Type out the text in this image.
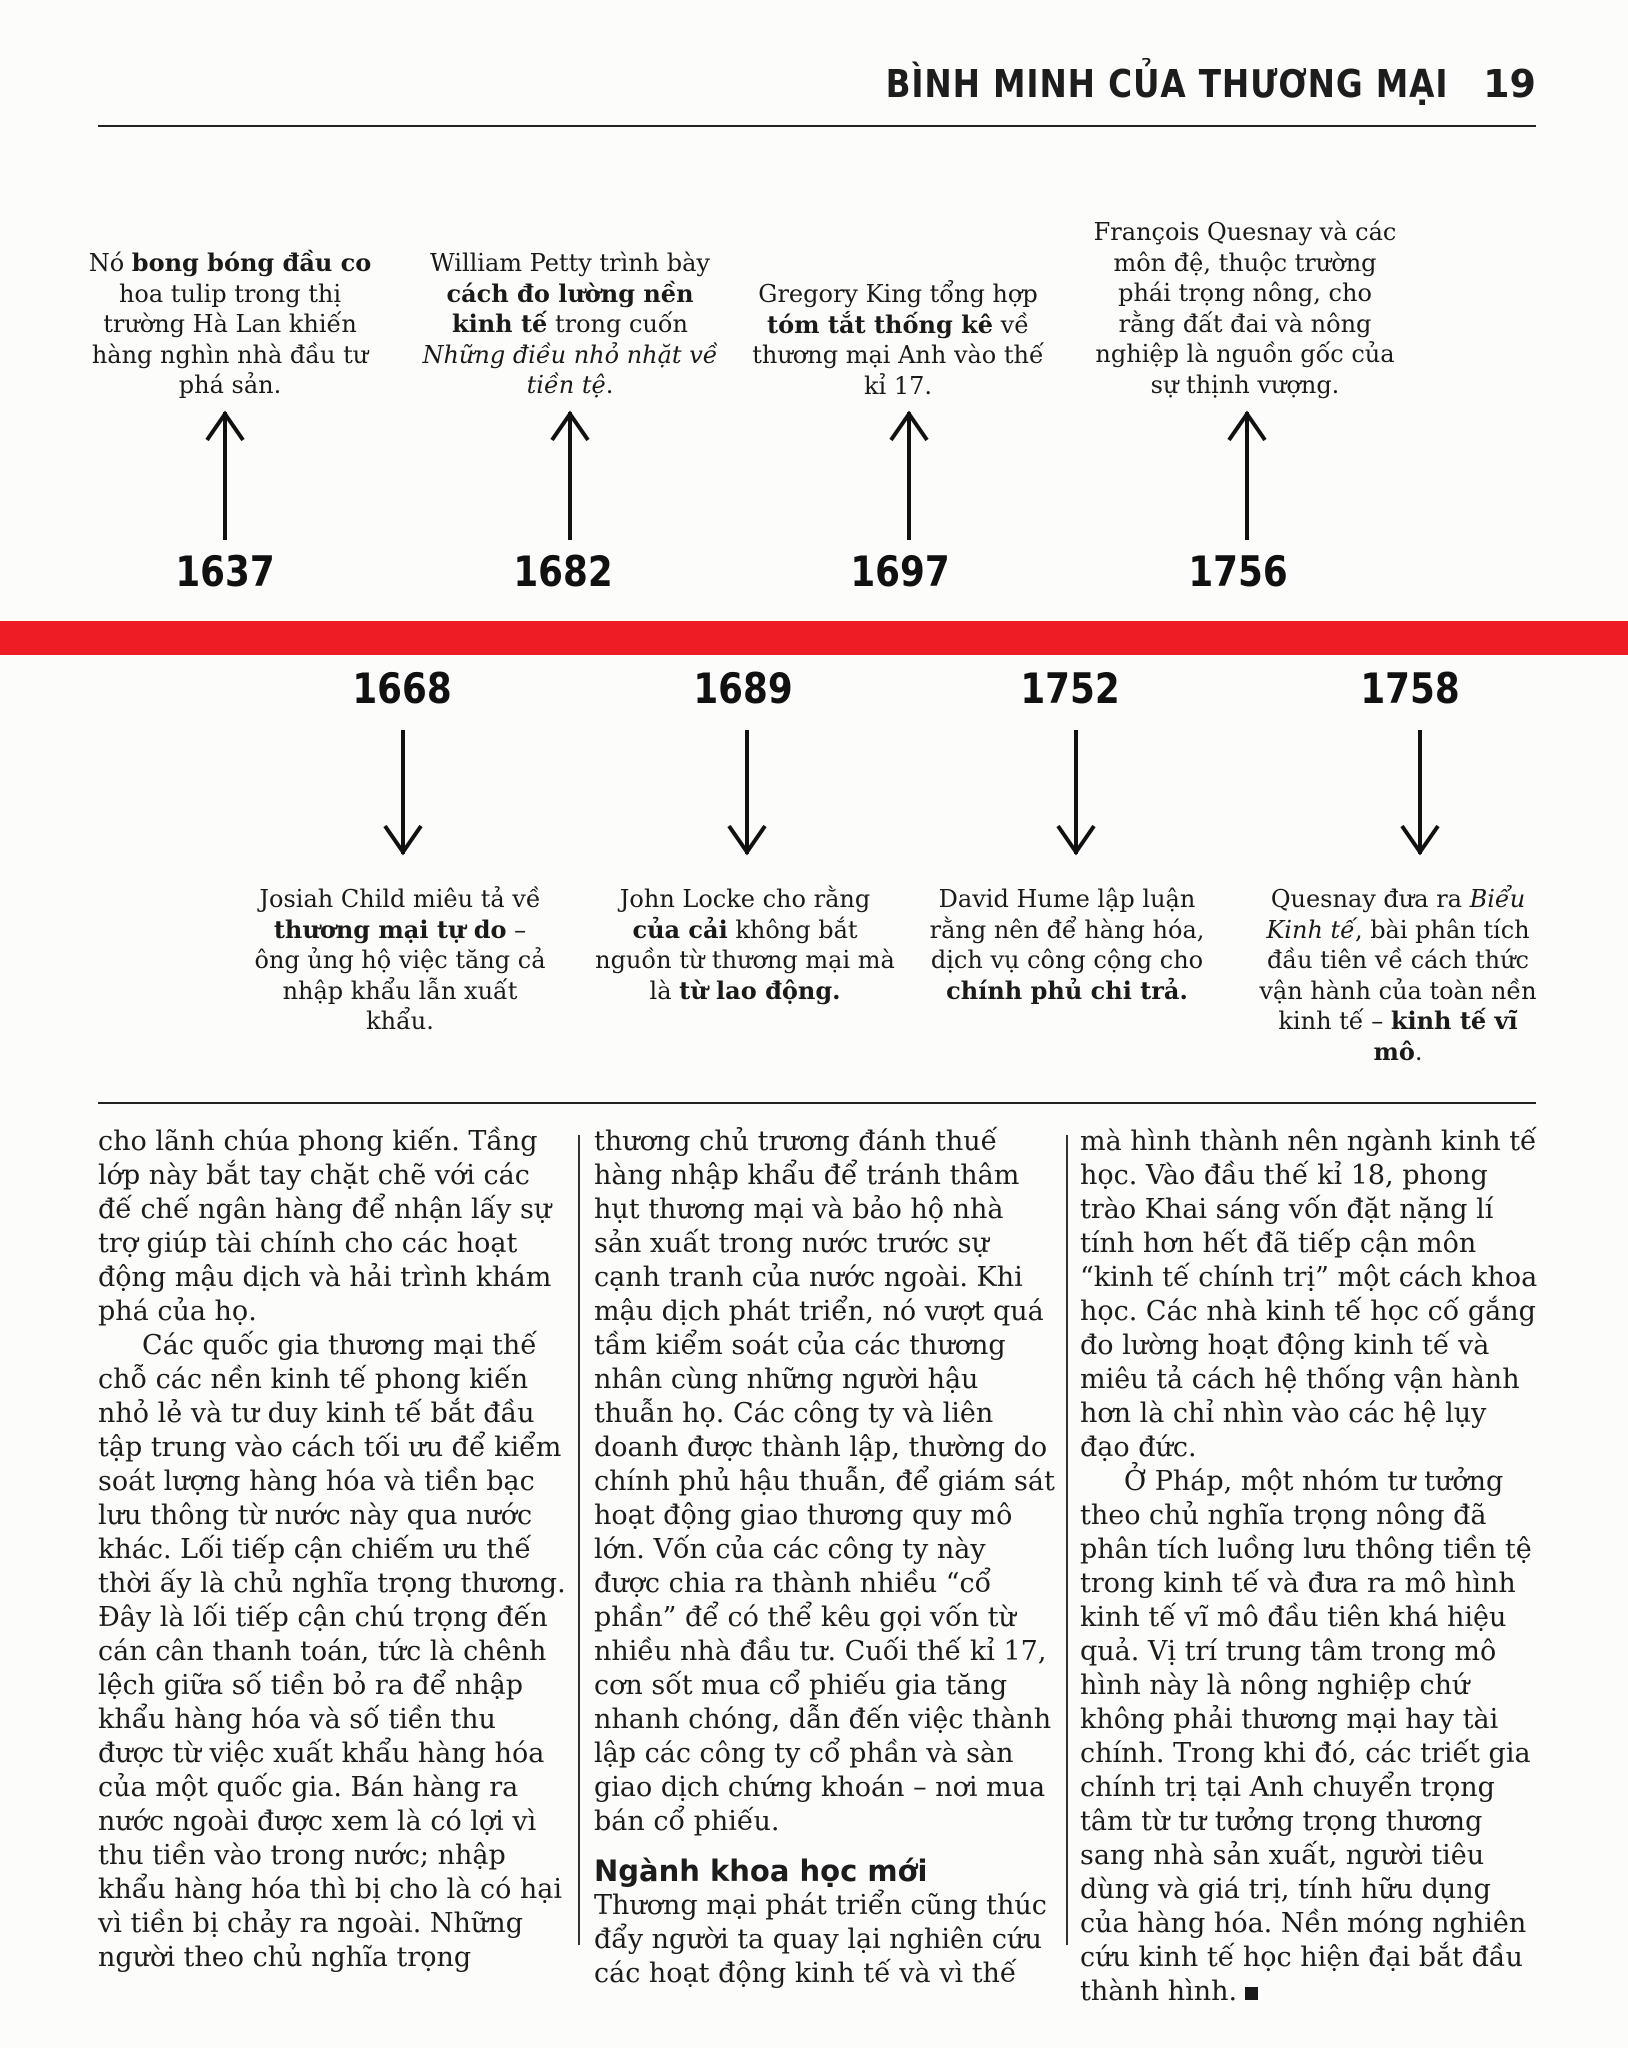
BÌNH MINH CỦA THƯƠNG MẠI 19
Nó bong bóng đầu co hoa tulip trong thị trường Hà Lan khiến hàng nghìn nhà đầu tư phá sản.
William Petty trình bày cách đo lường nền kinh tế trong cuốn Những điều nhỏ nhặt về tiền tệ.
Gregory King tổng hợp tóm tắt thống kê về thương mại Anh vào thế kỉ 17.
François Quesnay và các môn đệ, thuộc trường phái trọng nông, cho rằng đất đai và nông nghiệp là nguồn gốc của sự thịnh vượng.
1637	1682	1697	1756
1668	1689	1752	1758
Josiah Child miêu tả về thương mại tự do – ông ủng hộ việc tăng cả nhập khẩu lẫn xuất khẩu.
John Locke cho rằng của cải không bắt nguồn từ thương mại mà là từ lao động.
David Hume lập luận rằng nên để hàng hóa, dịch vụ công cộng cho chính phủ chi trả.
Quesnay đưa ra Biểu Kinh tế, bài phân tích đầu tiên về cách thức vận hành của toàn nền kinh tế – kinh tế vĩ mô.

cho lãnh chúa phong kiến. Tầng lớp này bắt tay chặt chẽ với các đế chế ngân hàng để nhận lấy sự trợ giúp tài chính cho các hoạt động mậu dịch và hải trình khám phá của họ.

Các quốc gia thương mại thế chỗ các nền kinh tế phong kiến nhỏ lẻ và tư duy kinh tế bắt đầu tập trung vào cách tối ưu để kiểm soát lượng hàng hóa và tiền bạc lưu thông từ nước này qua nước khác. Lối tiếp cận chiếm ưu thế thời ấy là chủ nghĩa trọng thương. Đây là lối tiếp cận chú trọng đến cán cân thanh toán, tức là chênh lệch giữa số tiền bỏ ra để nhập khẩu hàng hóa và số tiền thu được từ việc xuất khẩu hàng hóa của một quốc gia. Bán hàng ra nước ngoài được xem là có lợi vì thu tiền vào trong nước; nhập khẩu hàng hóa thì bị cho là có hại vì tiền bị chảy ra ngoài. Những người theo chủ nghĩa trọng

thương chủ trương đánh thuế hàng nhập khẩu để tránh thâm hụt thương mại và bảo hộ nhà sản xuất trong nước trước sự cạnh tranh của nước ngoài. Khi mậu dịch phát triển, nó vượt quá tầm kiểm soát của các thương nhân cùng những người hậu thuẫn họ. Các công ty và liên doanh được thành lập, thường do chính phủ hậu thuẫn, để giám sát hoạt động giao thương quy mô lớn. Vốn của các công ty này được chia ra thành nhiều “cổ phần” để có thể kêu gọi vốn từ nhiều nhà đầu tư. Cuối thế kỉ 17, cơn sốt mua cổ phiếu gia tăng nhanh chóng, dẫn đến việc thành lập các công ty cổ phần và sàn giao dịch chứng khoán – nơi mua bán cổ phiếu.

Ngành khoa học mới

Thương mại phát triển cũng thúc đẩy người ta quay lại nghiên cứu các hoạt động kinh tế và vì thế

mà hình thành nên ngành kinh tế học. Vào đầu thế kỉ 18, phong trào Khai sáng vốn đặt nặng lí tính hơn hết đã tiếp cận môn “kinh tế chính trị” một cách khoa học. Các nhà kinh tế học cố gắng đo lường hoạt động kinh tế và miêu tả cách hệ thống vận hành hơn là chỉ nhìn vào các hệ lụy đạo đức.

Ở Pháp, một nhóm tư tưởng theo chủ nghĩa trọng nông đã phân tích luồng lưu thông tiền tệ trong kinh tế và đưa ra mô hình kinh tế vĩ mô đầu tiên khá hiệu quả. Vị trí trung tâm trong mô hình này là nông nghiệp chứ không phải thương mại hay tài chính. Trong khi đó, các triết gia chính trị tại Anh chuyển trọng tâm từ tư tưởng trọng thương sang nhà sản xuất, người tiêu dùng và giá trị, tính hữu dụng của hàng hóa. Nền móng nghiên cứu kinh tế học hiện đại bắt đầu thành hình.
